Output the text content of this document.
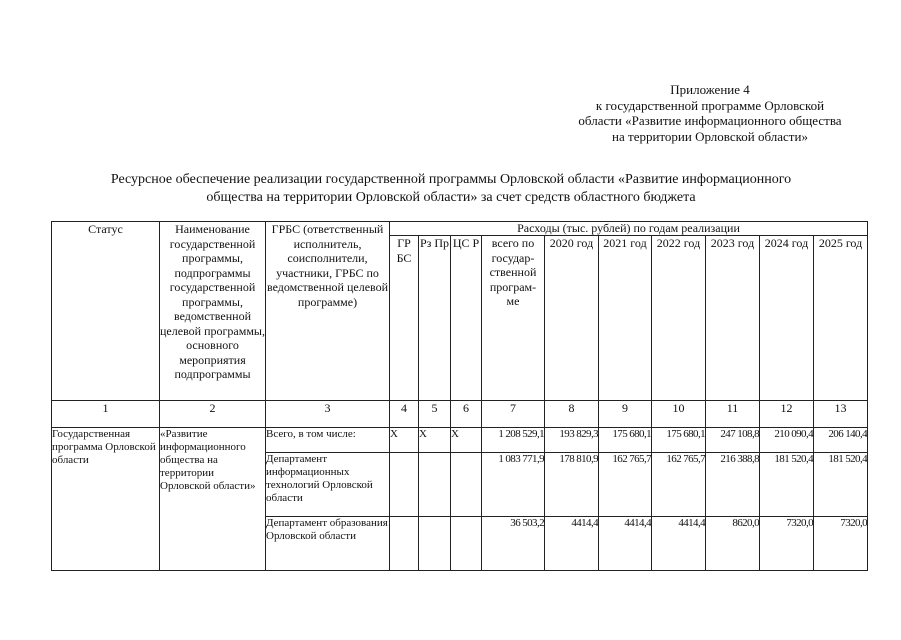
Приложение 4
к государственной программе Орловской
области «Развитие информационного общества
на территории Орловской области»
Ресурсное обеспечение реализации государственной программы Орловской области «Развитие информационного
общества на территории Орловской области» за счет средств областного бюджета
Статус	Наименование государственной программы, подпрограммы государственной программы, ведомственной целевой программы, основного мероприятия подпрограммы	ГРБС (ответственный исполнитель, соисполнители, участники, ГРБС по ведомственной целевой программе)	Расходы (тыс. рублей) по годам реализации									
			ГР БС	Рз Пр	ЦС Р	всего по государ- ственной програм- ме	2020 год	2021 год	2022 год	2023 год	2024 год	2025 год
1	2	3	4	5	6	7	8	9	10	11	12	13
Государственная программа Орловской области	«Развитие информационного общества на территории Орловской области»	Всего, в том числе:	Х	Х	Х	1 208 529,1	193 829,3	175 680,1	175 680,1	247 108,8	210 090,4	206 140,4
		Департамент информационных технологий Орловской области				1 083 771,9	178 810,9	162 765,7	162 765,7	216 388,8	181 520,4	181 520,4
		Департамент образования Орловской области				36 503,2	4414,4	4414,4	4414,4	8620,0	7320,0	7320,0
